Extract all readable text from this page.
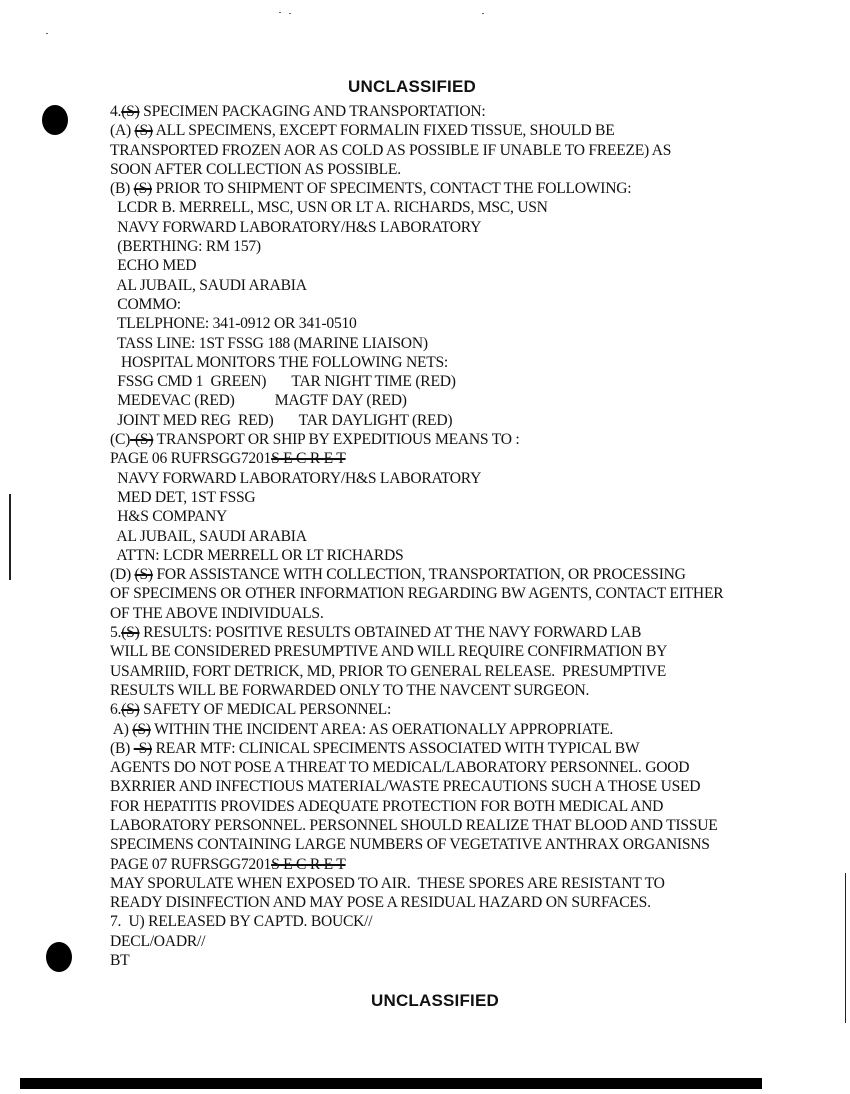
UNCLASSIFIED
4.(S) SPECIMEN PACKAGING AND TRANSPORTATION:
(A) (S) ALL SPECIMENS, EXCEPT FORMALIN FIXED TISSUE, SHOULD BE
TRANSPORTED FROZEN AOR AS COLD AS POSSIBLE IF UNABLE TO FREEZE) AS
SOON AFTER COLLECTION AS POSSIBLE.
(B) (S) PRIOR TO SHIPMENT OF SPECIMENTS, CONTACT THE FOLLOWING:
LCDR B. MERRELL, MSC, USN OR LT A. RICHARDS, MSC, USN
NAVY FORWARD LABORATORY/H&S LABORATORY
(BERTHING: RM 157)
ECHO MED
AL JUBAIL, SAUDI ARABIA
COMMO:
TLELPHONE: 341-0912 OR 341-0510
TASS LINE: 1ST FSSG 188 (MARINE LIAISON)
HOSPITAL MONITORS THE FOLLOWING NETS:
FSSG CMD 1  GREEN)       TAR NIGHT TIME (RED)
MEDEVAC (RED)           MAGTF DAY (RED)
JOINT MED REG  RED)       TAR DAYLIGHT (RED)
(C)-(S) TRANSPORT OR SHIP BY EXPEDITIOUS MEANS TO :
PAGE 06 RUFRSGG7201S E C R E T
NAVY FORWARD LABORATORY/H&S LABORATORY
MED DET, 1ST FSSG
H&S COMPANY
AL JUBAIL, SAUDI ARABIA
ATTN: LCDR MERRELL OR LT RICHARDS
(D) (S) FOR ASSISTANCE WITH COLLECTION, TRANSPORTATION, OR PROCESSING
OF SPECIMENS OR OTHER INFORMATION REGARDING BW AGENTS, CONTACT EITHER
OF THE ABOVE INDIVIDUALS.
5.(S) RESULTS: POSITIVE RESULTS OBTAINED AT THE NAVY FORWARD LAB
WILL BE CONSIDERED PRESUMPTIVE AND WILL REQUIRE CONFIRMATION BY
USAMRIID, FORT DETRICK, MD, PRIOR TO GENERAL RELEASE.  PRESUMPTIVE
RESULTS WILL BE FORWARDED ONLY TO THE NAVCENT SURGEON.
6.(S) SAFETY OF MEDICAL PERSONNEL:
A) (S) WITHIN THE INCIDENT AREA: AS OERATIONALLY APPROPRIATE.
(B) -S) REAR MTF: CLINICAL SPECIMENTS ASSOCIATED WITH TYPICAL BW
AGENTS DO NOT POSE A THREAT TO MEDICAL/LABORATORY PERSONNEL. GOOD
BXRRIER AND INFECTIOUS MATERIAL/WASTE PRECAUTIONS SUCH A THOSE USED
FOR HEPATITIS PROVIDES ADEQUATE PROTECTION FOR BOTH MEDICAL AND
LABORATORY PERSONNEL. PERSONNEL SHOULD REALIZE THAT BLOOD AND TISSUE
SPECIMENS CONTAINING LARGE NUMBERS OF VEGETATIVE ANTHRAX ORGANISNS
PAGE 07 RUFRSGG7201S E C R E T
MAY SPORULATE WHEN EXPOSED TO AIR.  THESE SPORES ARE RESISTANT TO
READY DISINFECTION AND MAY POSE A RESIDUAL HAZARD ON SURFACES.
7.  U) RELEASED BY CAPTD. BOUCK//
DECL/OADR//
BT
UNCLASSIFIED
